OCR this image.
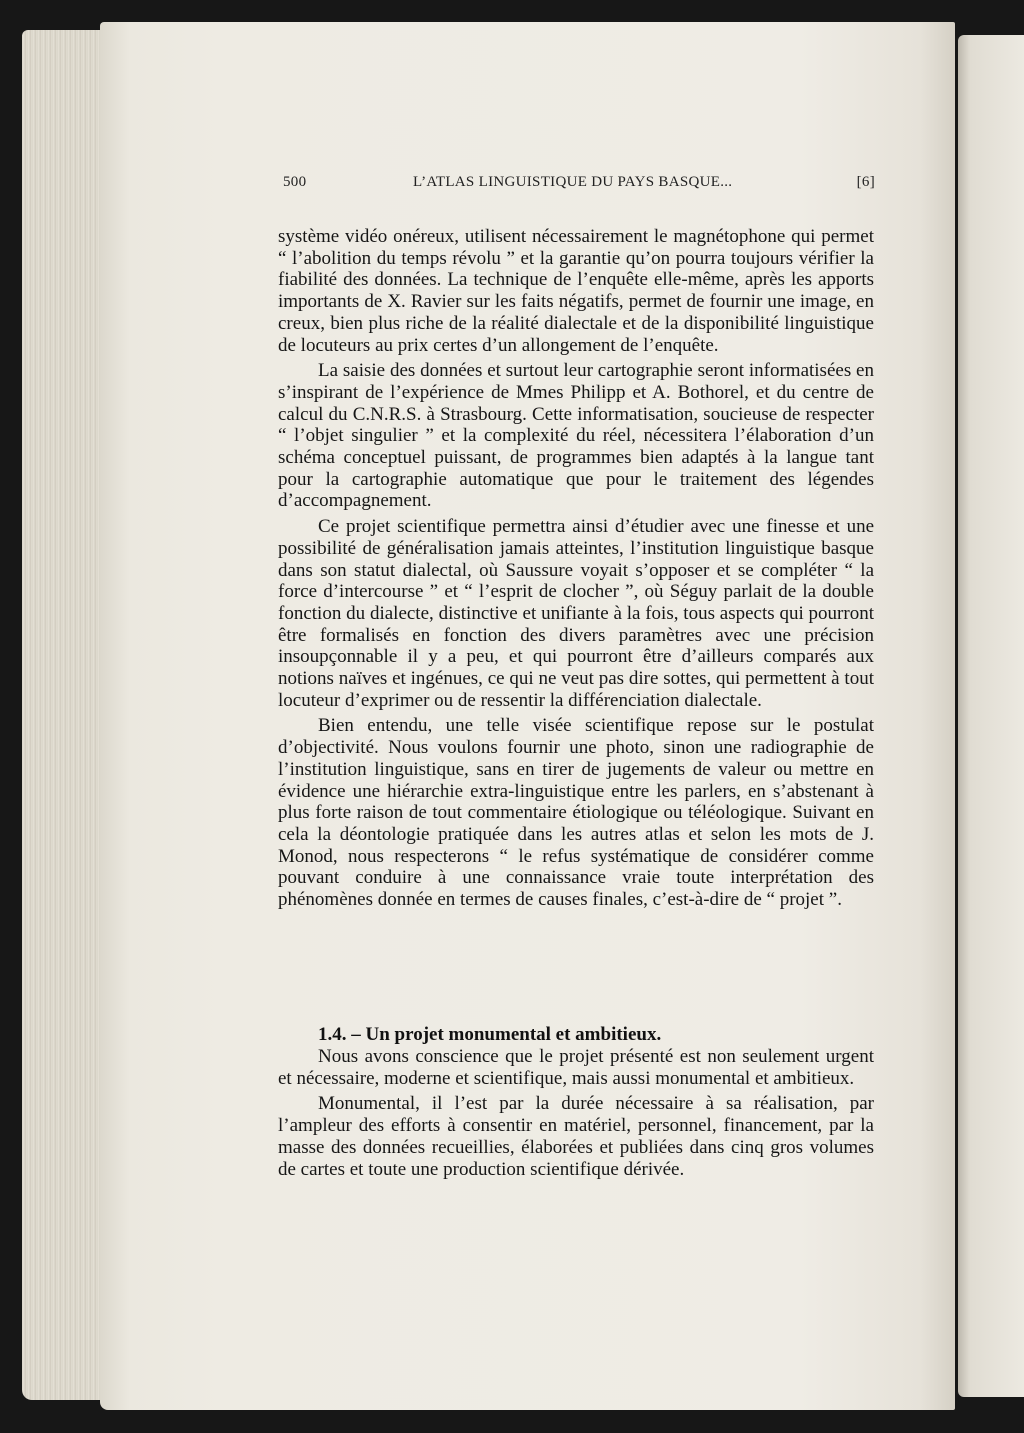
500	L’ATLAS LINGUISTIQUE DU PAYS BASQUE...	[6]

système vidéo onéreux, utilisent nécessairement le magnétophone qui permet “ l’abolition du temps révolu ” et la garantie qu’on pourra toujours vérifier la fiabilité des données. La technique de l’enquête elle-même, après les apports importants de X. Ravier sur les faits négatifs, permet de fournir une image, en creux, bien plus riche de la réalité dialectale et de la disponibilité linguistique de locuteurs au prix certes d’un allongement de l’enquête.

La saisie des données et surtout leur cartographie seront informatisées en s’inspirant de l’expérience de Mmes Philipp et A. Bothorel, et du centre de calcul du C.N.R.S. à Strasbourg. Cette informatisation, soucieuse de respecter “ l’objet singulier ” et la complexité du réel, nécessitera l’élaboration d’un schéma conceptuel puissant, de programmes bien adaptés à la langue tant pour la cartographie automatique que pour le traitement des légendes d’accompagnement.

Ce projet scientifique permettra ainsi d’étudier avec une finesse et une possibilité de généralisation jamais atteintes, l’institution linguistique basque dans son statut dialectal, où Saussure voyait s’opposer et se compléter “ la force d’intercourse ” et “ l’esprit de clocher ”, où Séguy parlait de la double fonction du dialecte, distinctive et unifiante à la fois, tous aspects qui pourront être formalisés en fonction des divers paramètres avec une précision insoupçonnable il y a peu, et qui pourront être d’ailleurs comparés aux notions naïves et ingénues, ce qui ne veut pas dire sottes, qui permettent à tout locuteur d’exprimer ou de ressentir la différenciation dialectale.

Bien entendu, une telle visée scientifique repose sur le postulat d’objectivité. Nous voulons fournir une photo, sinon une radiographie de l’institution linguistique, sans en tirer de jugements de valeur ou mettre en évidence une hiérarchie extra-linguistique entre les parlers, en s’abstenant à plus forte raison de tout commentaire étiologique ou téléologique. Suivant en cela la déontologie pratiquée dans les autres atlas et selon les mots de J. Monod, nous respecterons “ le refus systématique de considérer comme pouvant conduire à une connaissance vraie toute interprétation des phénomènes donnée en termes de causes finales, c’est-à-dire de “ projet ”.

1.4. – Un projet monumental et ambitieux.

Nous avons conscience que le projet présenté est non seulement urgent et nécessaire, moderne et scientifique, mais aussi monumental et ambitieux.

Monumental, il l’est par la durée nécessaire à sa réalisation, par l’ampleur des efforts à consentir en matériel, personnel, financement, par la masse des données recueillies, élaborées et publiées dans cinq gros volumes de cartes et toute une production scientifique dérivée.
